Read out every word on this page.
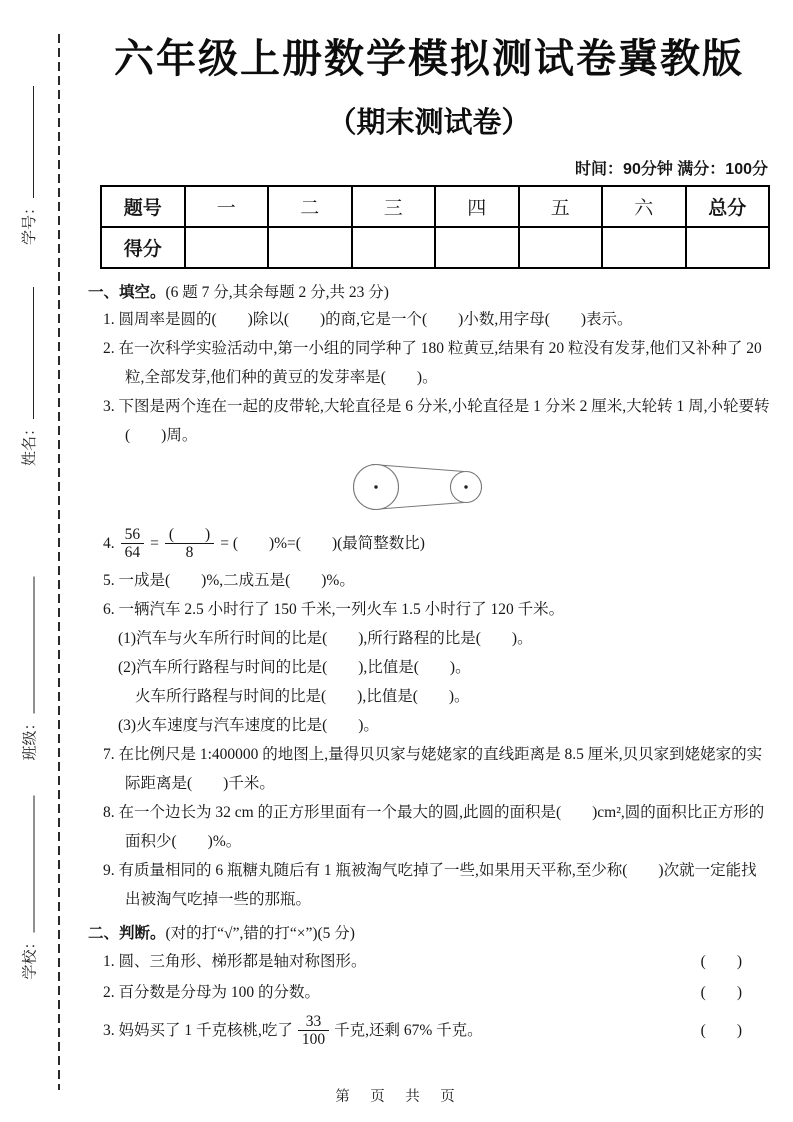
学号：
姓名：
班级：
学校：
六年级上册数学模拟测试卷冀教版
（期末测试卷）
时间：90分钟 满分：100分
题号	一	二	三	四	五	六	总分
得分							
一、填空。(6 题 7 分,其余每题 2 分,共 23 分)
1. 圆周率是圆的(　　)除以(　　)的商,它是一个(　　)小数,用字母(　　)表示。
2. 在一次科学实验活动中,第一小组的同学种了 180 粒黄豆,结果有 20 粒没有发芽,他们又补种了 20 粒,全部发芽,他们种的黄豆的发芽率是(　　)。
3. 下图是两个连在一起的皮带轮,大轮直径是 6 分米,小轮直径是 1 分米 2 厘米,大轮转 1 周,小轮要转(　　)周。
4. $\frac{56}{64} = \frac{( )}{8}$ = (　　)%=(　　)(最简整数比)
5. 一成是(　　)%,二成五是(　　)%。
6. 一辆汽车 2.5 小时行了 150 千米,一列火车 1.5 小时行了 120 千米。
(1)汽车与火车所行时间的比是(　　),所行路程的比是(　　)。
(2)汽车所行路程与时间的比是(　　),比值是(　　)。
火车所行路程与时间的比是(　　),比值是(　　)。
(3)火车速度与汽车速度的比是(　　)。
7. 在比例尺是 1:400000 的地图上,量得贝贝家与姥姥家的直线距离是 8.5 厘米,贝贝家到姥姥家的实际距离是(　　)千米。
8. 在一个边长为 32 cm 的正方形里面有一个最大的圆,此圆的面积是(　　)cm²,圆的面积比正方形的面积少(　　)%。
9. 有质量相同的 6 瓶糖丸随后有 1 瓶被淘气吃掉了一些,如果用天平称,至少称(　　)次就一定能找出被淘气吃掉一些的那瓶。
二、判断。(对的打“√”,错的打“×”)(5 分)
1. 圆、三角形、梯形都是轴对称图形。	(　　)
2. 百分数是分母为 100 的分数。	(　　)
3. 妈妈买了 1 千克核桃,吃了 $\frac{33}{100}$ 千克,还剩 67% 千克。	(　　)
第　页　共　页
